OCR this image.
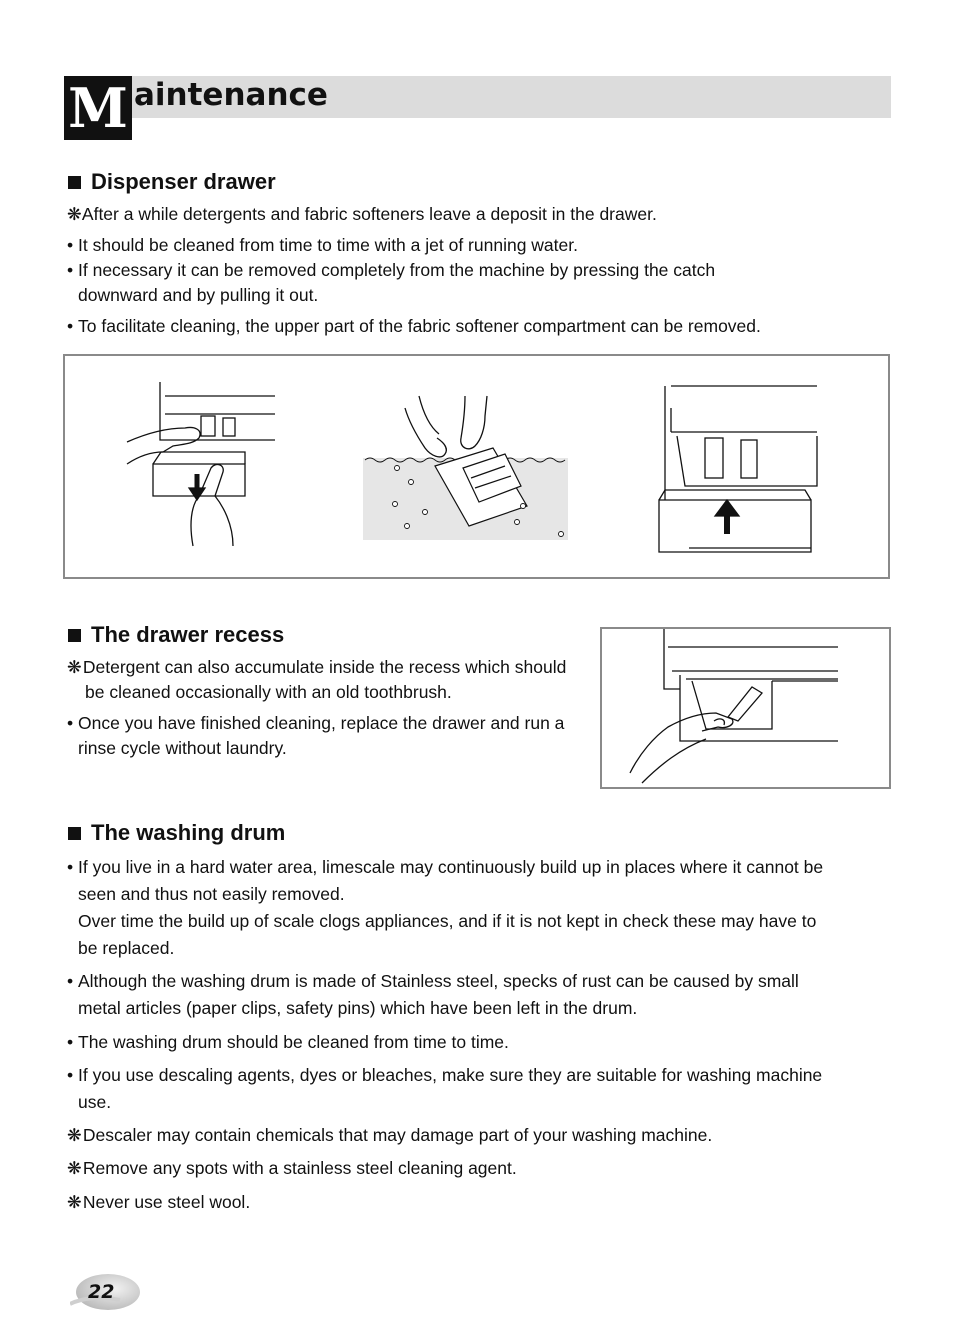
M aintenance
Dispenser drawer
❋ After a while detergents and fabric softeners leave a deposit in the drawer.
• It should be cleaned from time to time with a jet of running water.
• If necessary it can be removed completely from the machine by pressing the catch
downward and by pulling it out.
• To facilitate cleaning, the upper part of the fabric softener compartment can be removed.
The drawer recess
❋ Detergent can also accumulate inside the recess which should
be cleaned occasionally with an old toothbrush.
• Once you have finished cleaning, replace the drawer and run a
rinse cycle without laundry.
The washing drum
• If you live in a hard water area, limescale may continuously build up in places where it cannot be
seen and thus not easily removed.
Over time the build up of scale clogs appliances, and if it is not kept in check these may have to
be replaced.
• Although the washing drum is made of Stainless steel, specks of rust can be caused by small
metal articles (paper clips, safety pins) which have been left in the drum.
• The washing drum should be cleaned from time to time.
• If you use descaling agents, dyes or bleaches, make sure they are suitable for washing machine
use.
❋ Descaler may contain chemicals that may damage part of your washing machine.
❋ Remove any spots with a stainless steel cleaning agent.
❋ Never use steel wool.
22
